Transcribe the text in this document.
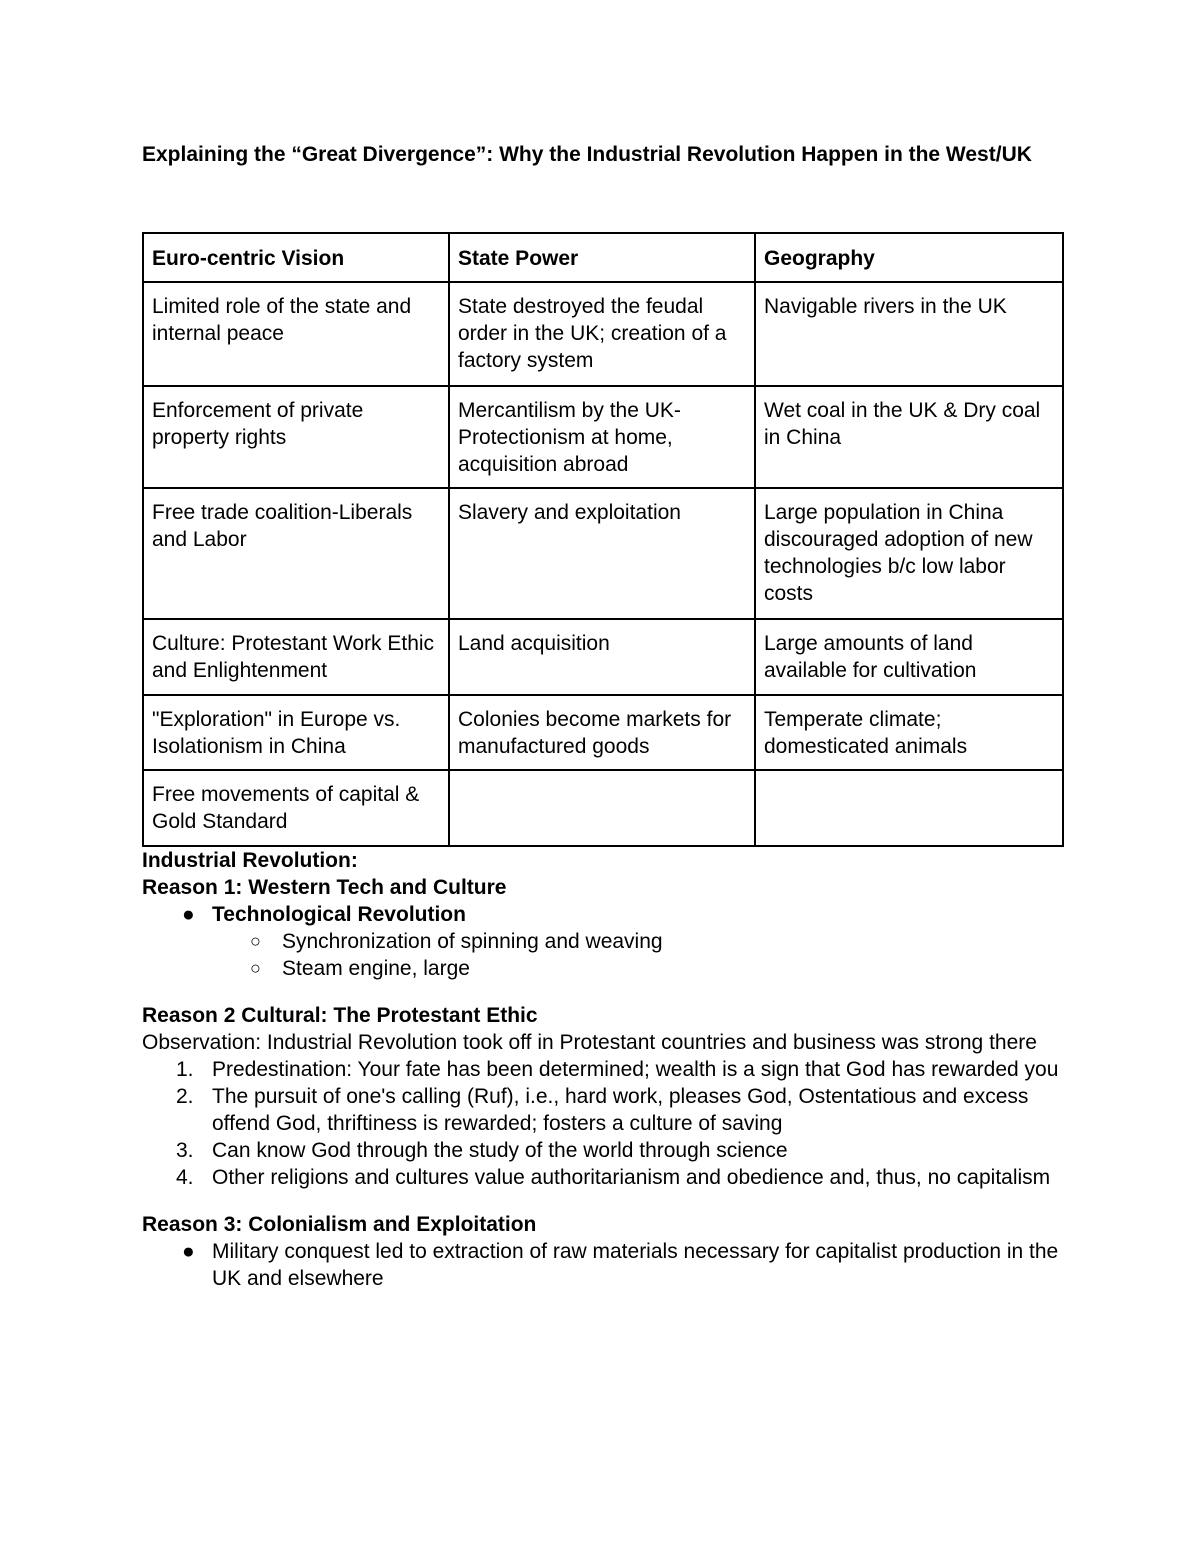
Explaining the “Great Divergence”: Why the Industrial Revolution Happen in the West/UK
Euro-centric Vision	State Power	Geography
Limited role of the state and internal peace	State destroyed the feudal order in the UK; creation of a factory system	Navigable rivers in the UK
Enforcement of private property rights	Mercantilism by the UK-Protectionism at home, acquisition abroad	Wet coal in the UK & Dry coal in China
Free trade coalition-Liberals and Labor	Slavery and exploitation	Large population in China discouraged adoption of new technologies b/c low labor costs
Culture: Protestant Work Ethic and Enlightenment	Land acquisition	Large amounts of land available for cultivation
"Exploration" in Europe vs. Isolationism in China	Colonies become markets for manufactured goods	Temperate climate; domesticated animals
Free movements of capital & Gold Standard		
Industrial Revolution:
Reason 1: Western Tech and Culture
● Technological Revolution
○ Synchronization of spinning and weaving
○ Steam engine, large
Reason 2 Cultural: The Protestant Ethic
Observation: Industrial Revolution took off in Protestant countries and business was strong there
1. Predestination: Your fate has been determined; wealth is a sign that God has rewarded you
2. The pursuit of one's calling (Ruf), i.e., hard work, pleases God, Ostentatious and excess offend God, thriftiness is rewarded; fosters a culture of saving
3. Can know God through the study of the world through science
4. Other religions and cultures value authoritarianism and obedience and, thus, no capitalism
Reason 3: Colonialism and Exploitation
● Military conquest led to extraction of raw materials necessary for capitalist production in the UK and elsewhere
